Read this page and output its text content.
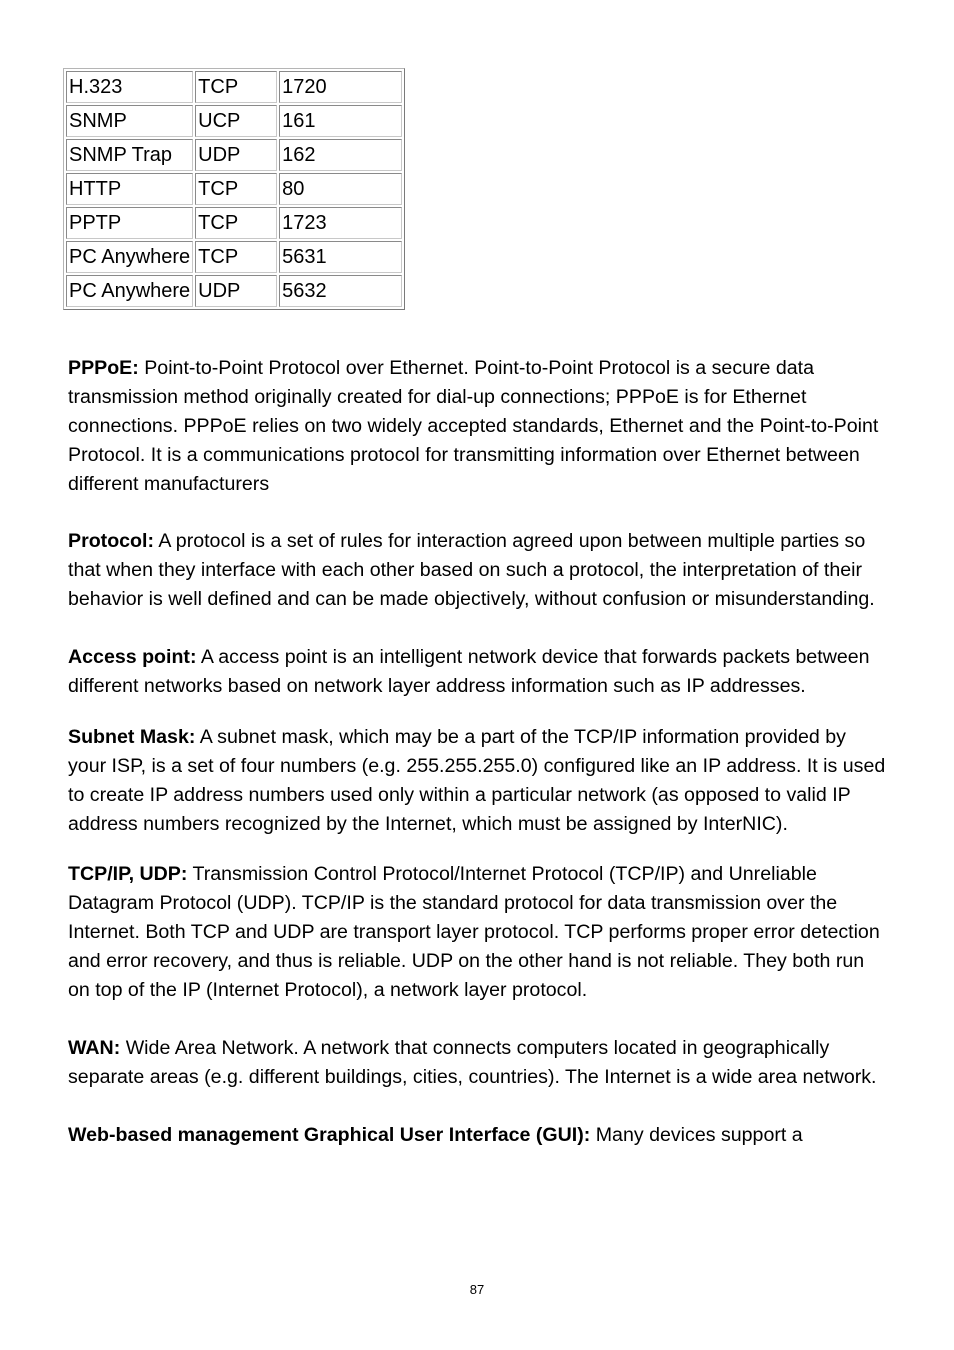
H.323	TCP	1720
SNMP	UCP	161
SNMP Trap	UDP	162
HTTP	TCP	80
PPTP	TCP	1723
PC Anywhere	TCP	5631
PC Anywhere	UDP	5632

PPPoE: Point-to-Point Protocol over Ethernet. Point-to-Point Protocol is a secure data transmission method originally created for dial-up connections; PPPoE is for Ethernet connections. PPPoE relies on two widely accepted standards, Ethernet and the Point-to-Point Protocol. It is a communications protocol for transmitting information over Ethernet between different manufacturers

Protocol: A protocol is a set of rules for interaction agreed upon between multiple parties so that when they interface with each other based on such a protocol, the interpretation of their behavior is well defined and can be made objectively, without confusion or misunderstanding.

Access point: A access point is an intelligent network device that forwards packets between different networks based on network layer address information such as IP addresses.

Subnet Mask: A subnet mask, which may be a part of the TCP/IP information provided by your ISP, is a set of four numbers (e.g. 255.255.255.0) configured like an IP address. It is used to create IP address numbers used only within a particular network (as opposed to valid IP address numbers recognized by the Internet, which must be assigned by InterNIC).

TCP/IP, UDP: Transmission Control Protocol/Internet Protocol (TCP/IP) and Unreliable Datagram Protocol (UDP). TCP/IP is the standard protocol for data transmission over the Internet. Both TCP and UDP are transport layer protocol. TCP performs proper error detection and error recovery, and thus is reliable. UDP on the other hand is not reliable. They both run on top of the IP (Internet Protocol), a network layer protocol.

WAN: Wide Area Network. A network that connects computers located in geographically separate areas (e.g. different buildings, cities, countries). The Internet is a wide area network.

Web-based management Graphical User Interface (GUI): Many devices support a

87
